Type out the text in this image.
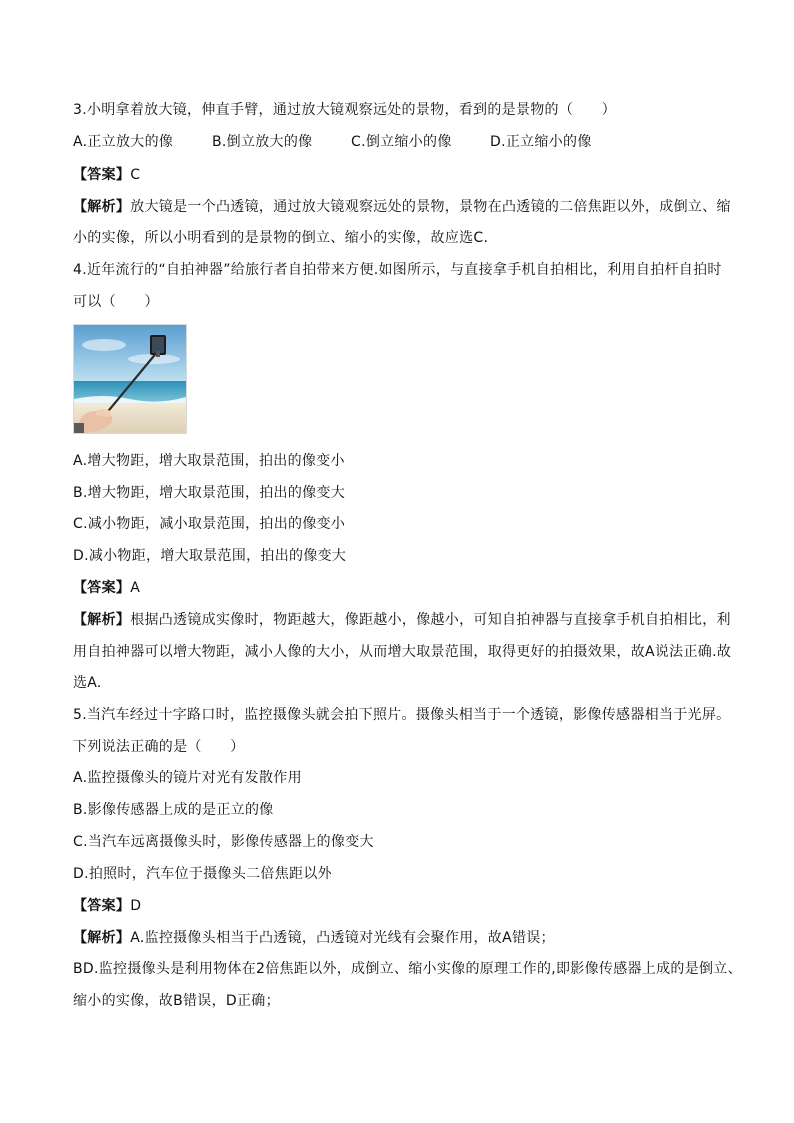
3.小明拿着放大镜，伸直手臂，通过放大镜观察远处的景物，看到的是景物的（　　）
A.正立放大的像	B.倒立放大的像	C.倒立缩小的像	D.正立缩小的像
【答案】C
【解析】放大镜是一个凸透镜，通过放大镜观察远处的景物，景物在凸透镜的二倍焦距以外，成倒立、缩
小的实像，所以小明看到的是景物的倒立、缩小的实像，故应选C.
4.近年流行的“自拍神器”给旅行者自拍带来方便.如图所示，与直接拿手机自拍相比，利用自拍杆自拍时
可以（　　）
A.增大物距，增大取景范围，拍出的像变小
B.增大物距，增大取景范围，拍出的像变大
C.减小物距，减小取景范围，拍出的像变小
D.减小物距，增大取景范围，拍出的像变大
【答案】A
【解析】根据凸透镜成实像时，物距越大，像距越小，像越小，可知自拍神器与直接拿手机自拍相比，利
用自拍神器可以增大物距，减小人像的大小，从而增大取景范围，取得更好的拍摄效果，故A说法正确.故
选A.
5.当汽车经过十字路口时，监控摄像头就会拍下照片。摄像头相当于一个透镜，影像传感器相当于光屏。
下列说法正确的是（　　）
A.监控摄像头的镜片对光有发散作用
B.影像传感器上成的是正立的像
C.当汽车远离摄像头时，影像传感器上的像变大
D.拍照时，汽车位于摄像头二倍焦距以外
【答案】D
【解析】A.监控摄像头相当于凸透镜，凸透镜对光线有会聚作用，故A错误；
BD.监控摄像头是利用物体在2倍焦距以外，成倒立、缩小实像的原理工作的,即影像传感器上成的是倒立、
缩小的实像，故B错误，D正确；
